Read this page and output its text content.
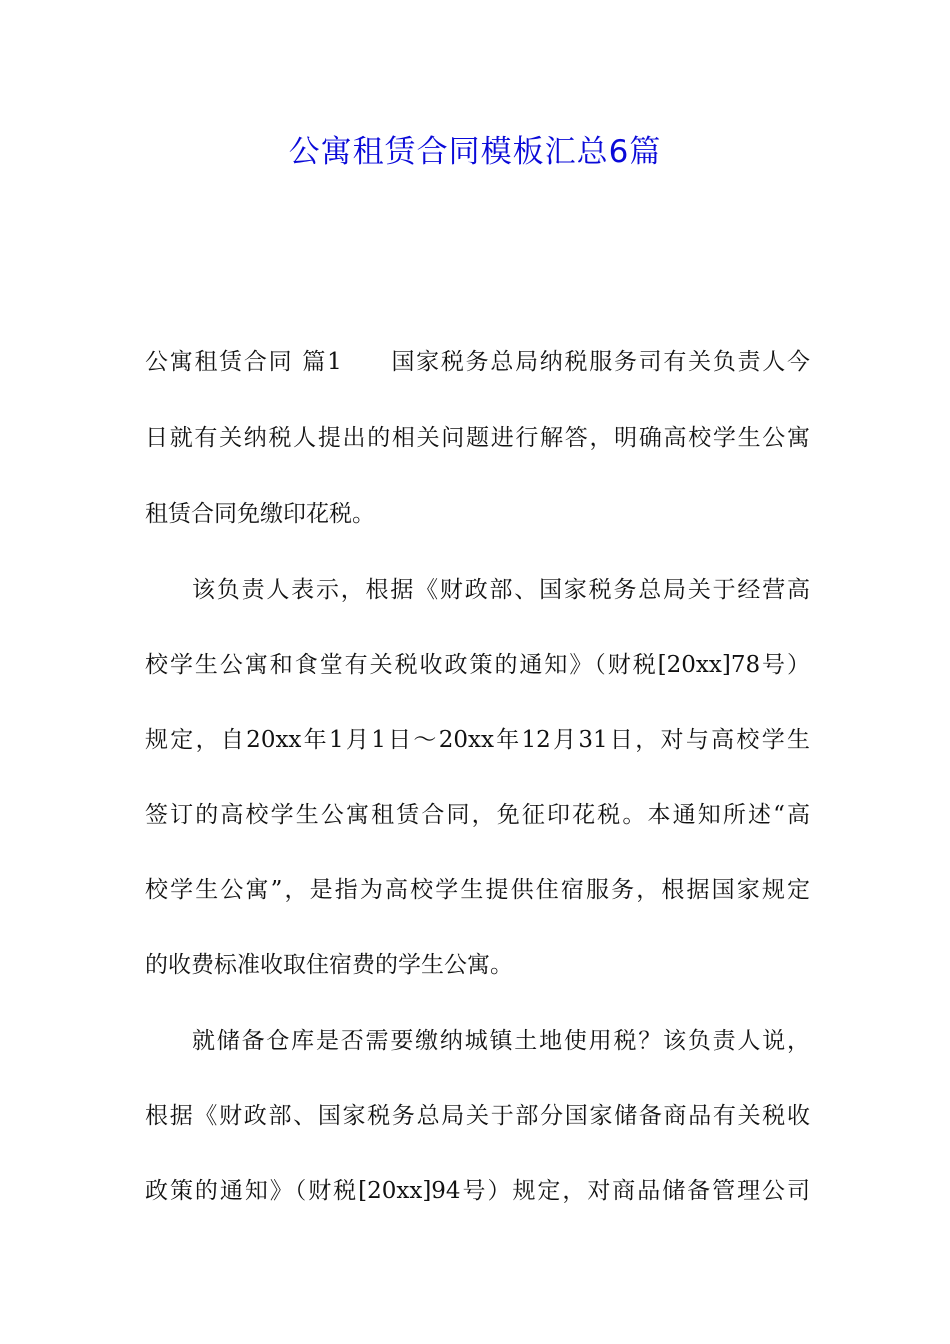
公寓租赁合同模板汇总6篇
公寓租赁合同 篇1 国家税务总局纳税服务司有关负责人今
日就有关纳税人提出的相关问题进行解答，明确高校学生公寓
租赁合同免缴印花税。
该负责人表示，根据《财政部、国家税务总局关于经营高
校学生公寓和食堂有关税收政策的通知》（财税[20xx]78号）
规定，自20xx年1月1日～20xx年12月31日，对与高校学生
签订的高校学生公寓租赁合同，免征印花税。本通知所述“高
校学生公寓”，是指为高校学生提供住宿服务，根据国家规定
的收费标准收取住宿费的学生公寓。
就储备仓库是否需要缴纳城镇土地使用税？该负责人说，
根据《财政部、国家税务总局关于部分国家储备商品有关税收
政策的通知》（财税[20xx]94号）规定，对商品储备管理公司
